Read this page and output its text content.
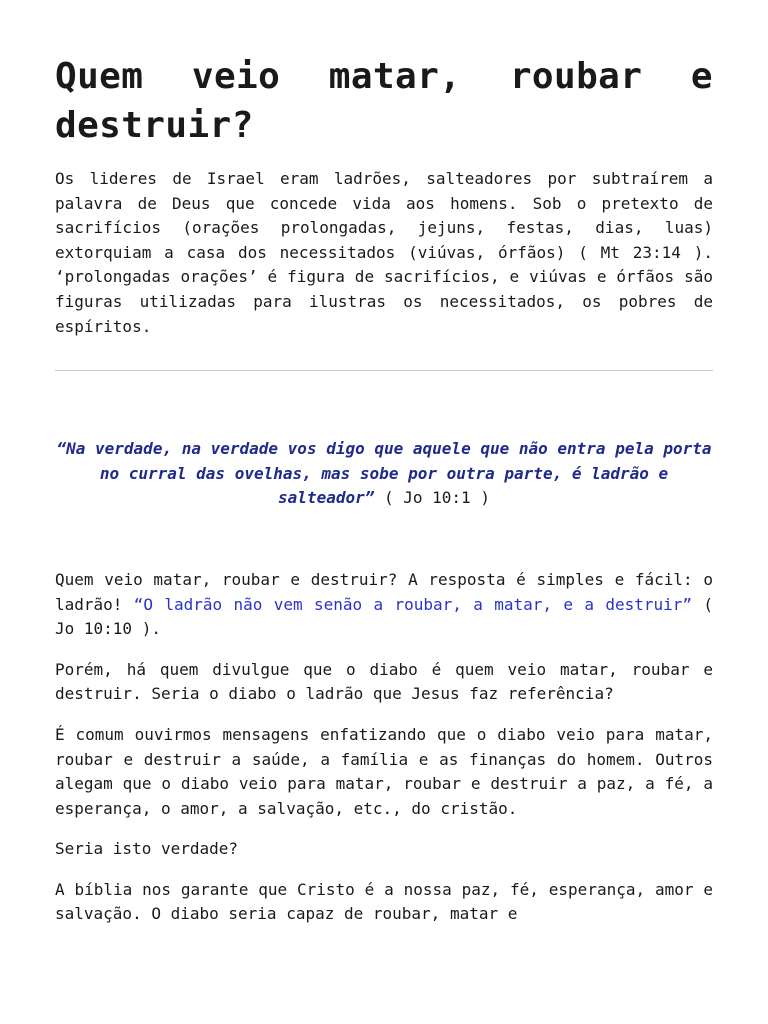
Quem veio matar, roubar e destruir?

Os lideres de Israel eram ladrões, salteadores por subtraírem a palavra de Deus que concede vida aos homens. Sob o pretexto de sacrifícios (orações prolongadas, jejuns, festas, dias, luas) extorquiam a casa dos necessitados (viúvas, órfãos) ( Mt 23:14 ). ‘prolongadas orações’ é figura de sacrifícios, e viúvas e órfãos são figuras utilizadas para ilustras os necessitados, os pobres de espíritos.

“Na verdade, na verdade vos digo que aquele que não entra pela porta no curral das ovelhas, mas sobe por outra parte, é ladrão e salteador” ( Jo 10:1 )

Quem veio matar, roubar e destruir? A resposta é simples e fácil: o ladrão! “O ladrão não vem senão a roubar, a matar, e a destruir” ( Jo 10:10 ).

Porém, há quem divulgue que o diabo é quem veio matar, roubar e destruir. Seria o diabo o ladrão que Jesus faz referência?

É comum ouvirmos mensagens enfatizando que o diabo veio para matar, roubar e destruir a saúde, a família e as finanças do homem. Outros alegam que o diabo veio para matar, roubar e destruir a paz, a fé, a esperança, o amor, a salvação, etc., do cristão.

Seria isto verdade?

A bíblia nos garante que Cristo é a nossa paz, fé, esperança, amor e salvação. O diabo seria capaz de roubar, matar e
